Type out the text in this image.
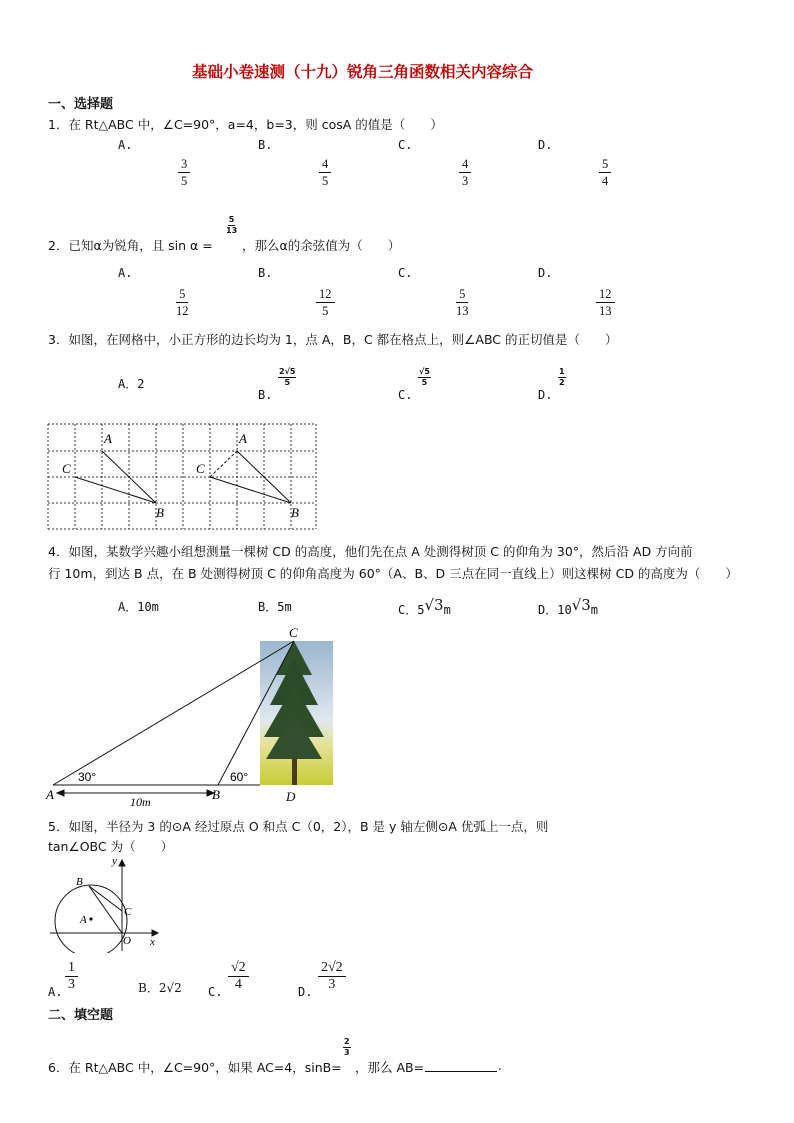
基础小卷速测（十九）锐角三角函数相关内容综合
一、选择题
1．在 Rt△ABC 中，∠C=90°，a=4，b=3，则 cosA 的值是（　　）
A.	B.	C.	D.
$\frac{3}{5}$	$\frac{4}{5}$	$\frac{4}{3}$	$\frac{5}{4}$
2．已知α为锐角，且 sin α =
$\frac{5}{13}$
，那么α的余弦值为（　　）
A.	B.	C.	D.
$\frac{5}{12}$	$\frac{12}{5}$	$\frac{5}{13}$	$\frac{12}{13}$
3．如图，在网格中，小正方形的边长均为 1，点 A，B，C 都在格点上，则∠ABC 的正切值是（　　）
A．2
B.
$\frac{2√5}{5}$
C.
$\frac{√5}{5}$
D.
$\frac{1}{2}$
A
C
B
A
C
B
4．如图，某数学兴趣小组想测量一棵树 CD 的高度，他们先在点 A 处测得树顶 C 的仰角为 30°，然后沿 AD 方向前
行 10m，到达 B 点，在 B 处测得树顶 C 的仰角高度为 60°（A、B、D 三点在同一直线上）则这棵树 CD 的高度为（　　）
A．10m	B．5m	C．5√3m	D．10√3m
C
A	B	D
30°	60°
10m
5．如图，半径为 3 的⊙A 经过原点 O 和点 C（0，2），B 是 y 轴左侧⊙A 优弧上一点，则
tan∠OBC 为（　　）
y
x
B
C
A
O
A. $\frac{1}{3}$	B．2√2 C. $\frac{√2}{4}$	D. $\frac{2√2}{3}$
二、填空题
6．在 Rt△ABC 中，∠C=90°，如果 AC=4，sinB=
$\frac{2}{3}$
，那么 AB=	.
